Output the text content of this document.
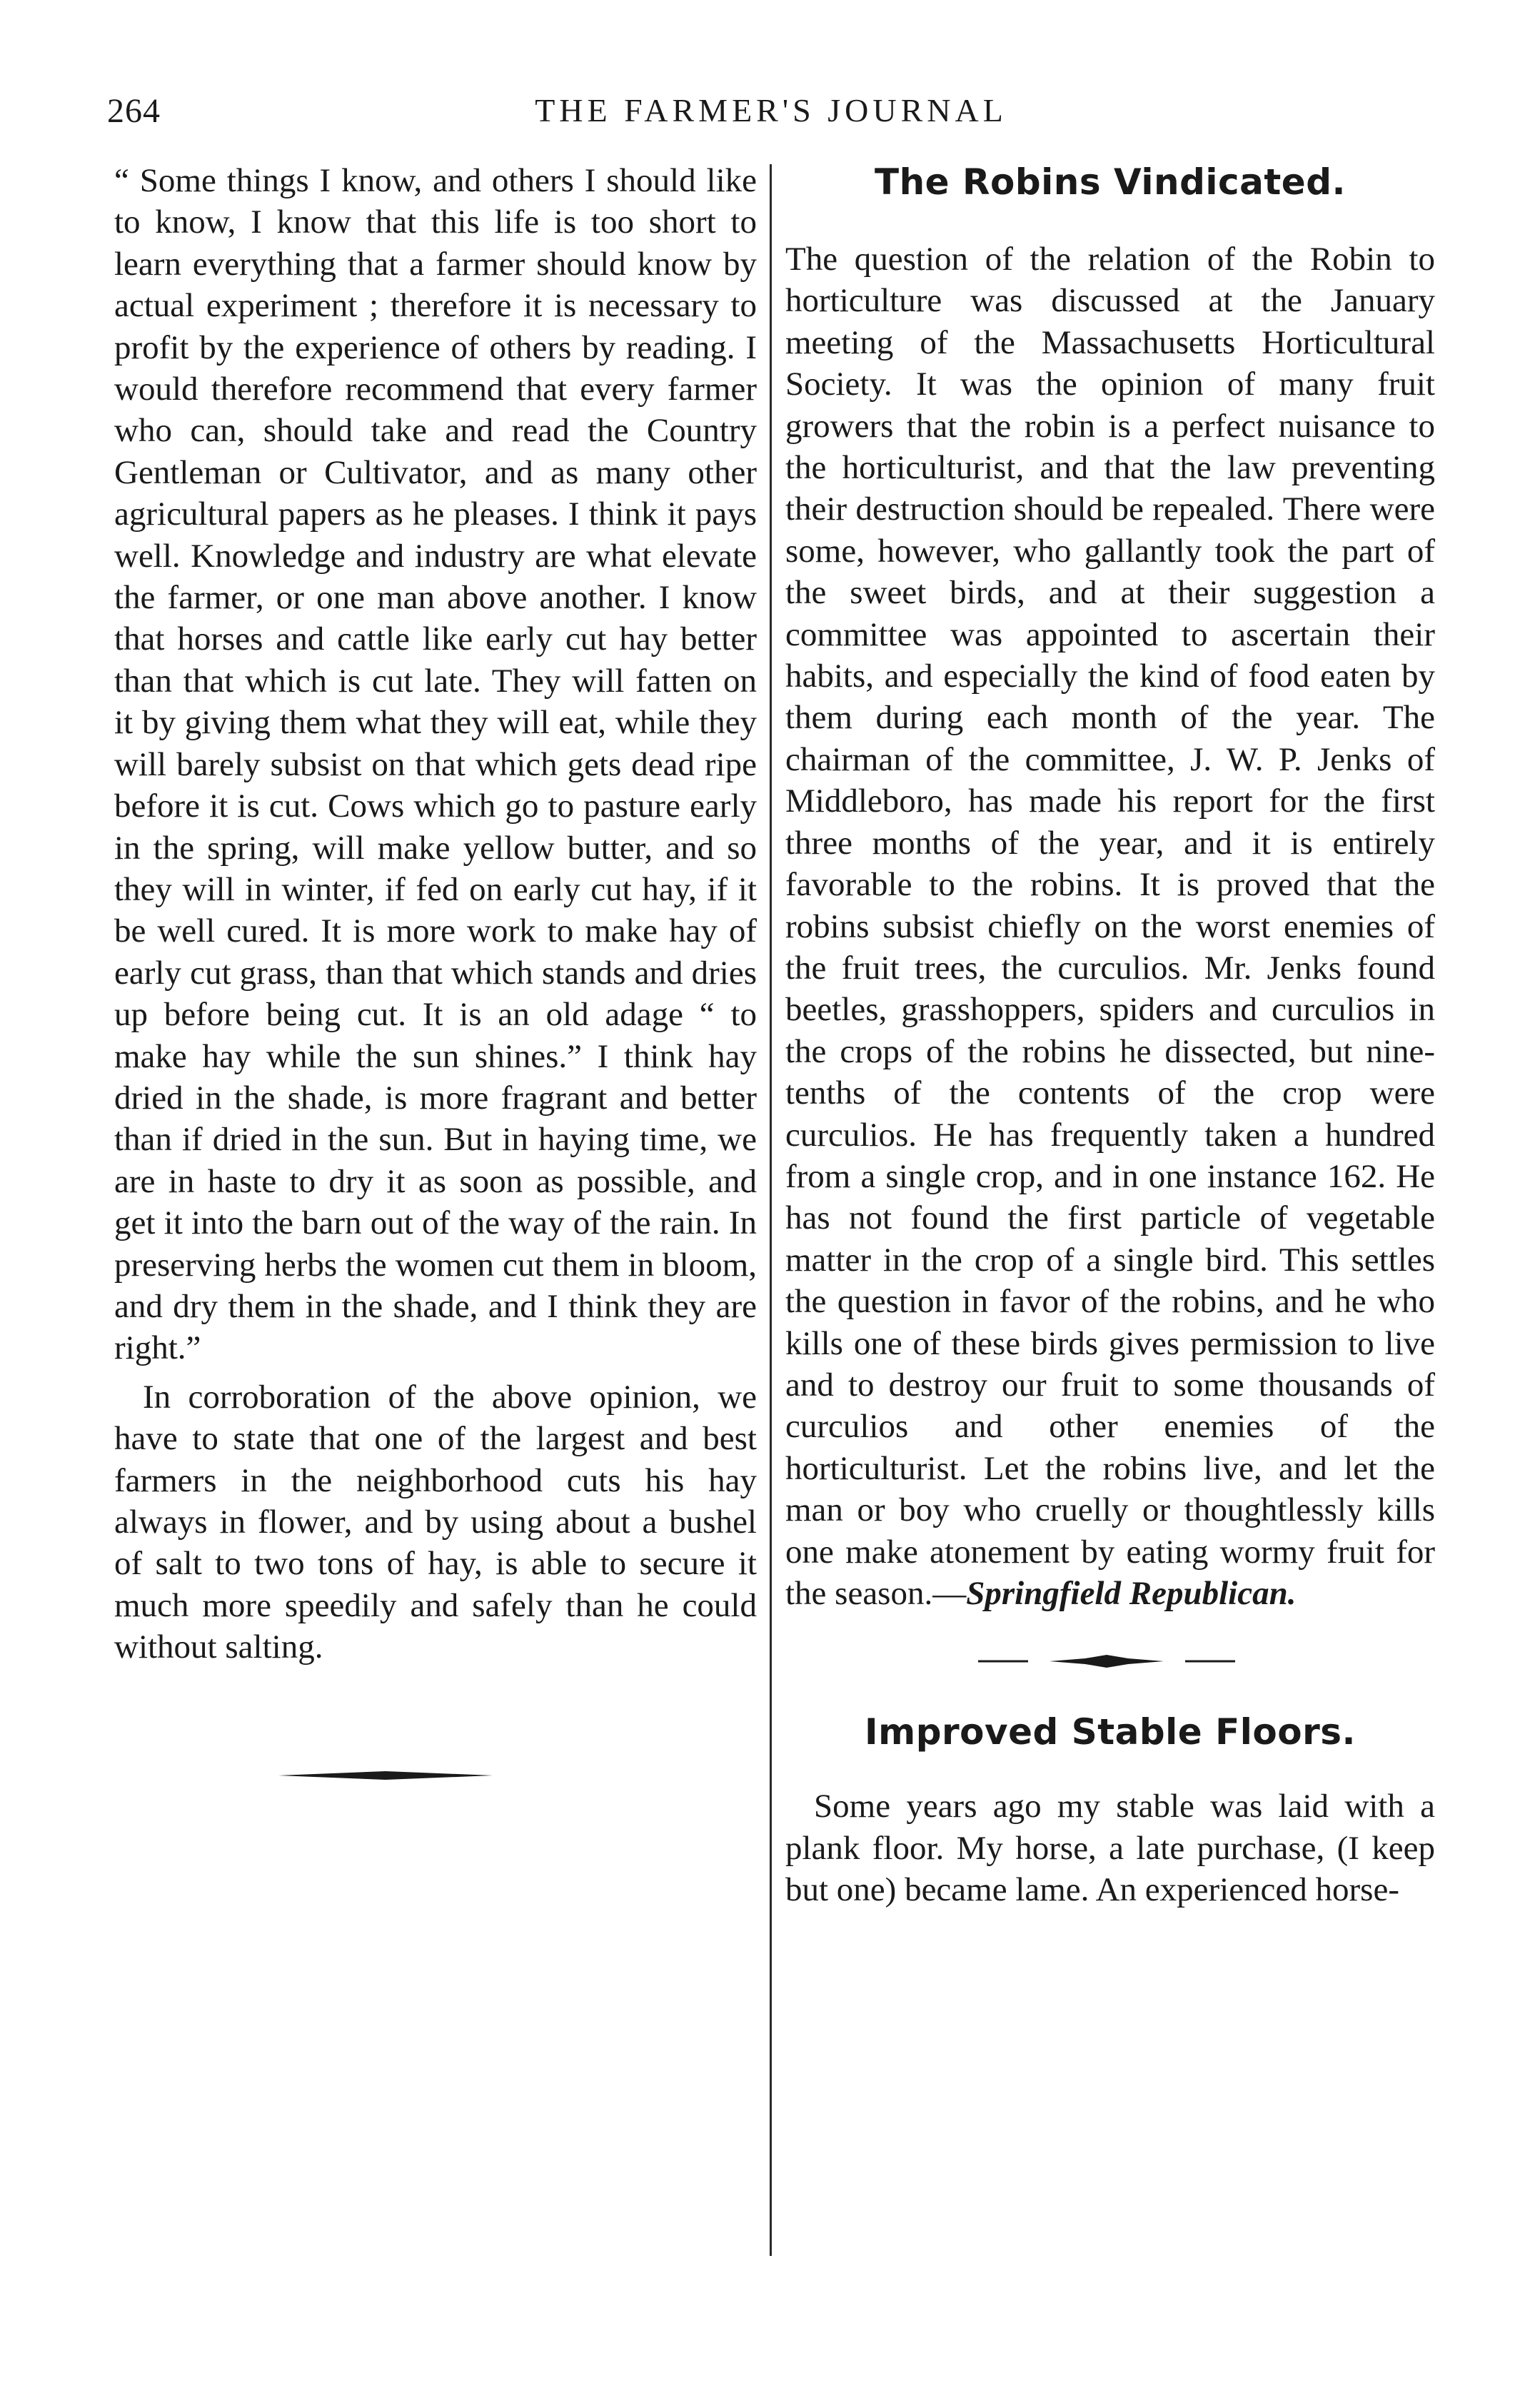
264	THE FARMER'S JOURNAL

“ Some things I know, and others I should like to know, I know that this life is too short to learn everything that a farmer should know by actual experiment ; therefore it is necessary to profit by the experience of others by reading. I would therefore recommend that every farmer who can, should take and read the Country Gentleman or Cultivator, and as many other agricultural papers as he pleases. I think it pays well. Knowledge and industry are what elevate the farmer, or one man above another. I know that horses and cattle like early cut hay better than that which is cut late. They will fatten on it by giving them what they will eat, while they will barely subsist on that which gets dead ripe before it is cut. Cows which go to pasture early in the spring, will make yellow butter, and so they will in winter, if fed on early cut hay, if it be well cured. It is more work to make hay of early cut grass, than that which stands and dries up before being cut. It is an old adage “ to make hay while the sun shines.” I think hay dried in the shade, is more fragrant and better than if dried in the sun. But in haying time, we are in haste to dry it as soon as possible, and get it into the barn out of the way of the rain. In preserving herbs the women cut them in bloom, and dry them in the shade, and I think they are right.”

In corroboration of the above opinion, we have to state that one of the largest and best farmers in the neighborhood cuts his hay always in flower, and by using about a bushel of salt to two tons of hay, is able to secure it much more speedily and safely than he could without salting.

The Robins Vindicated.

The question of the relation of the Robin to horticulture was discussed at the January meeting of the Massachusetts Horticultural Society. It was the opinion of many fruit growers that the robin is a perfect nuisance to the horticulturist, and that the law preventing their destruction should be repealed. There were some, however, who gallantly took the part of the sweet birds, and at their suggestion a committee was appointed to ascertain their habits, and especially the kind of food eaten by them during each month of the year. The chairman of the committee, J. W. P. Jenks of Middleboro, has made his report for the first three months of the year, and it is entirely favorable to the robins. It is proved that the robins subsist chiefly on the worst enemies of the fruit trees, the curculios. Mr. Jenks found beetles, grasshoppers, spiders and curculios in the crops of the robins he dissected, but nine-tenths of the contents of the crop were curculios. He has frequently taken a hundred from a single crop, and in one instance 162. He has not found the first particle of vegetable matter in the crop of a single bird. This settles the question in favor of the robins, and he who kills one of these birds gives permission to live and to destroy our fruit to some thousands of curculios and other enemies of the horticulturist. Let the robins live, and let the man or boy who cruelly or thoughtlessly kills one make atonement by eating wormy fruit for the season.—Springfield Republican.

Improved Stable Floors.

Some years ago my stable was laid with a plank floor. My horse, a late purchase, (I keep but one) became lame. An experienced horse-
